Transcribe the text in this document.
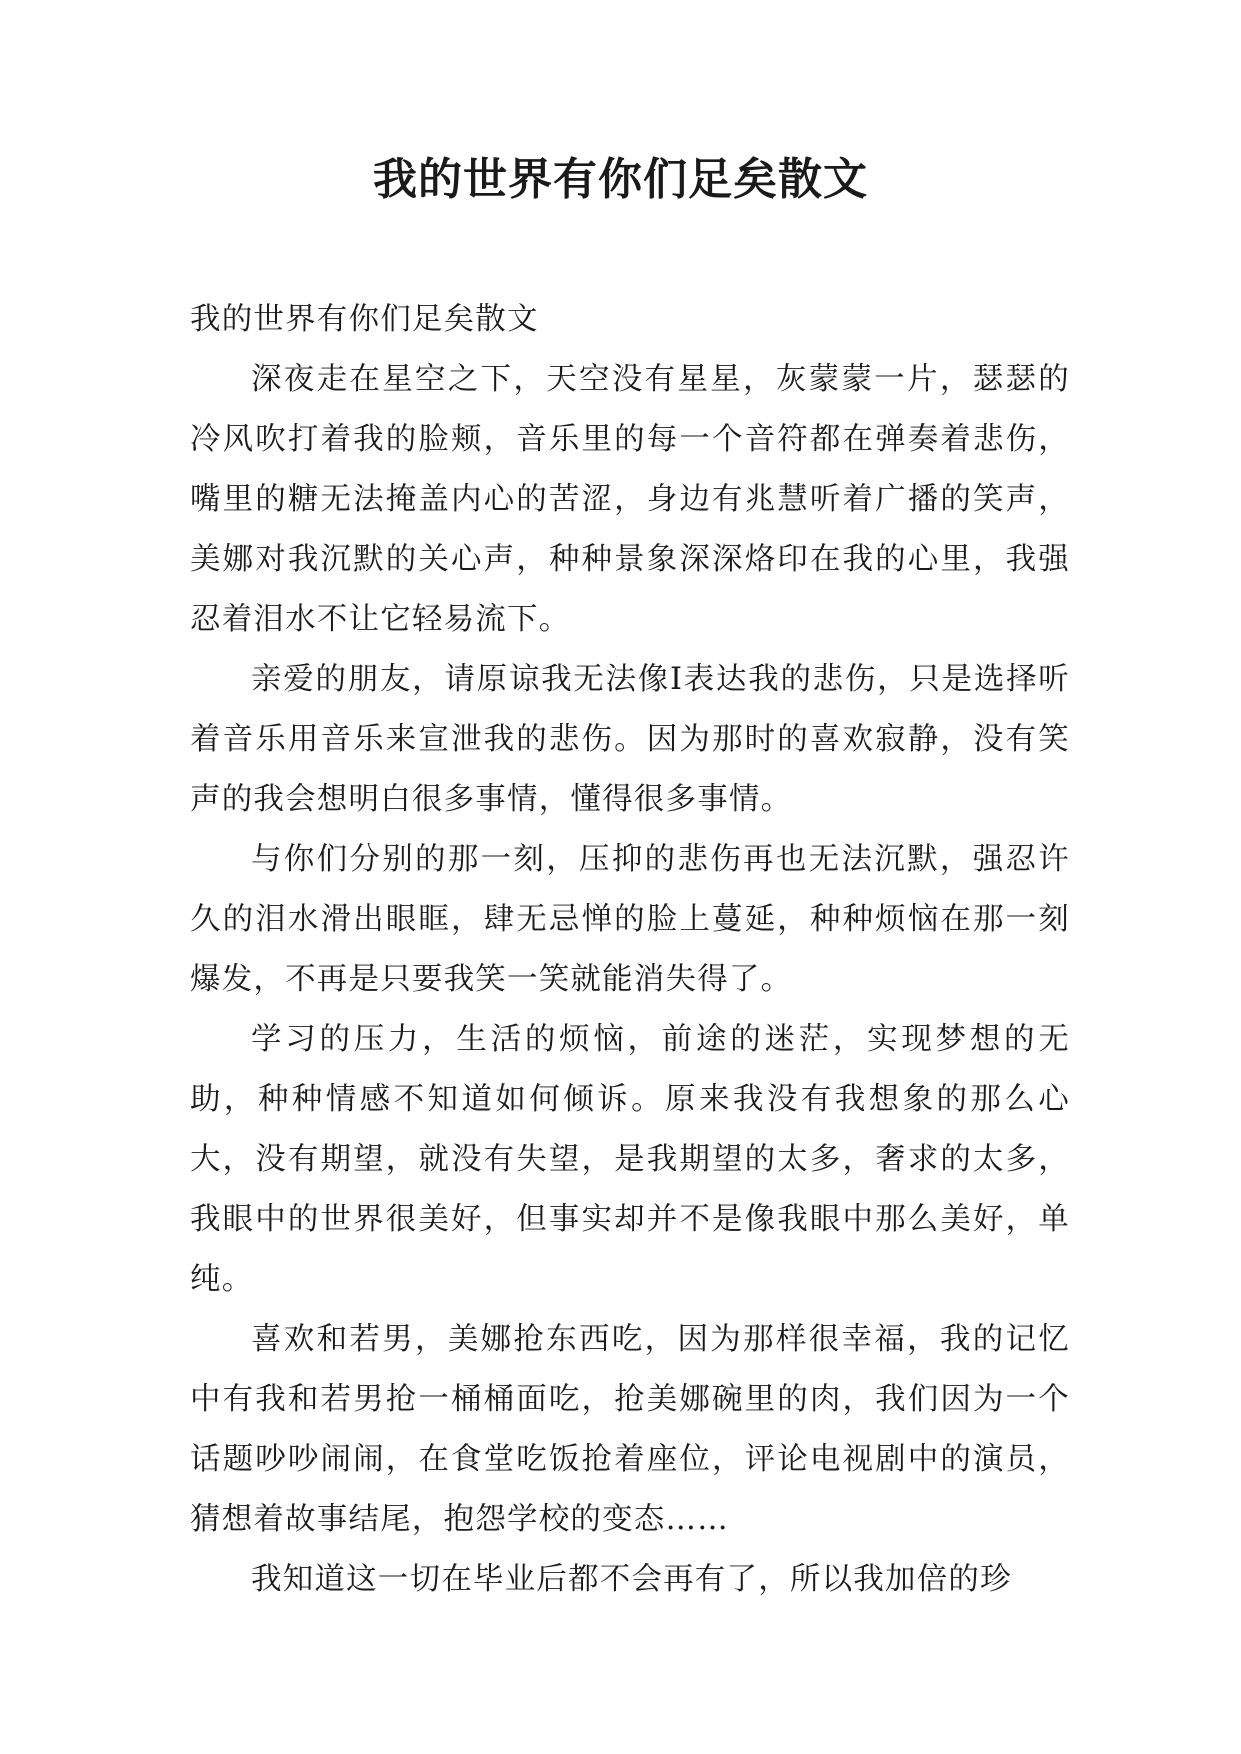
我的世界有你们足矣散文

我的世界有你们足矣散文

深夜走在星空之下，天空没有星星，灰蒙蒙一片，瑟瑟的冷风吹打着我的脸颊，音乐里的每一个音符都在弹奏着悲伤，嘴里的糖无法掩盖内心的苦涩，身边有兆慧听着广播的笑声，美娜对我沉默的关心声，种种景象深深烙印在我的心里，我强忍着泪水不让它轻易流下。

亲爱的朋友，请原谅我无法像I表达我的悲伤，只是选择听着音乐用音乐来宣泄我的悲伤。因为那时的喜欢寂静，没有笑声的我会想明白很多事情，懂得很多事情。

与你们分别的那一刻，压抑的悲伤再也无法沉默，强忍许久的泪水滑出眼眶，肆无忌惮的脸上蔓延，种种烦恼在那一刻爆发，不再是只要我笑一笑就能消失得了。

学习的压力，生活的烦恼，前途的迷茫，实现梦想的无助，种种情感不知道如何倾诉。原来我没有我想象的那么心大，没有期望，就没有失望，是我期望的太多，奢求的太多，我眼中的世界很美好，但事实却并不是像我眼中那么美好，单纯。

喜欢和若男，美娜抢东西吃，因为那样很幸福，我的记忆中有我和若男抢一桶桶面吃，抢美娜碗里的肉，我们因为一个话题吵吵闹闹，在食堂吃饭抢着座位，评论电视剧中的演员，猜想着故事结尾，抱怨学校的变态……

我知道这一切在毕业后都不会再有了，所以我加倍的珍
